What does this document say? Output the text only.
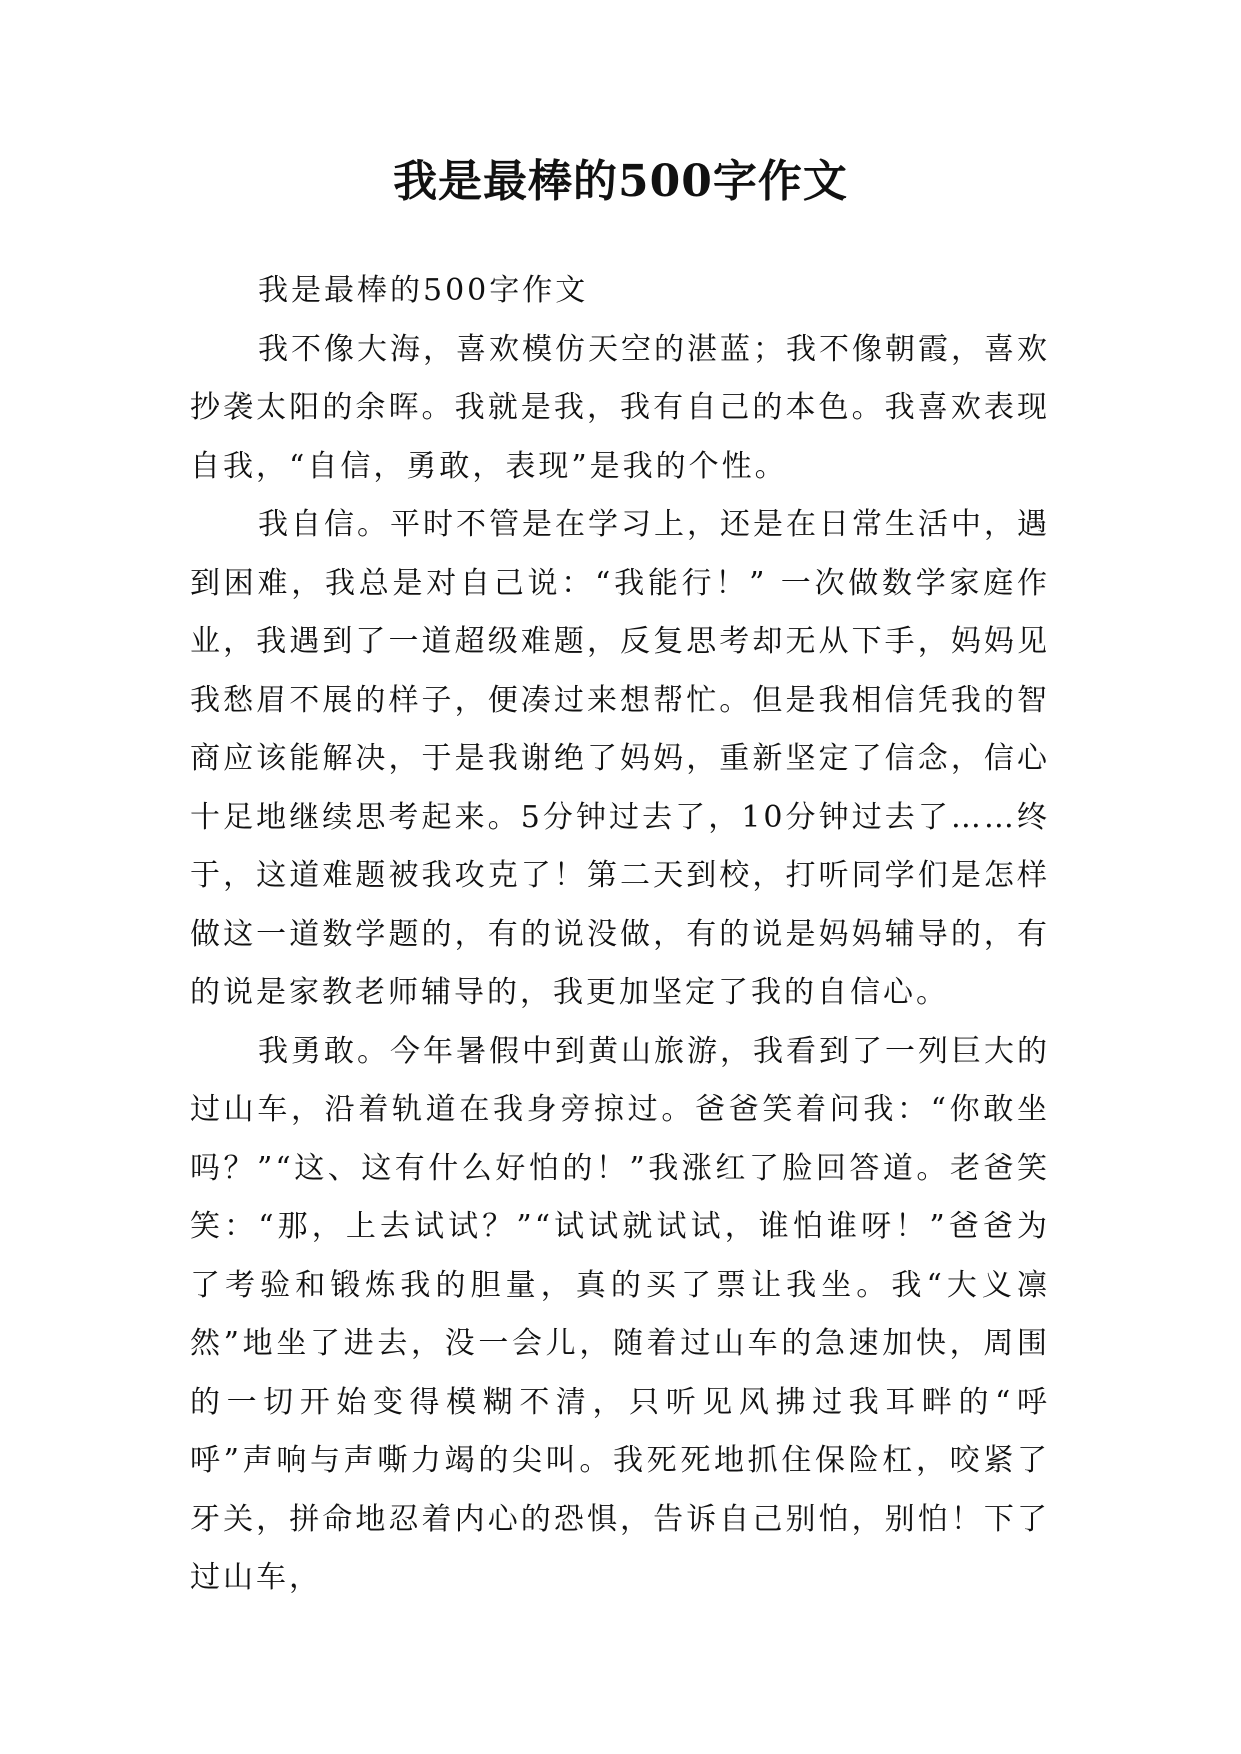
我是最棒的500字作文

我是最棒的500字作文

我不像大海，喜欢模仿天空的湛蓝；我不像朝霞，喜欢抄袭太阳的余晖。我就是我，我有自己的本色。我喜欢表现自我，“自信，勇敢，表现”是我的个性。

我自信。平时不管是在学习上，还是在日常生活中，遇到困难，我总是对自己说：“我能行！” 一次做数学家庭作业，我遇到了一道超级难题，反复思考却无从下手，妈妈见我愁眉不展的样子，便凑过来想帮忙。但是我相信凭我的智商应该能解决，于是我谢绝了妈妈，重新坚定了信念，信心十足地继续思考起来。5分钟过去了，10分钟过去了……终于，这道难题被我攻克了！第二天到校，打听同学们是怎样做这一道数学题的，有的说没做，有的说是妈妈辅导的，有的说是家教老师辅导的，我更加坚定了我的自信心。

我勇敢。今年暑假中到黄山旅游，我看到了一列巨大的过山车，沿着轨道在我身旁掠过。爸爸笑着问我：“你敢坐吗？”“这、这有什么好怕的！”我涨红了脸回答道。老爸笑笑：“那，上去试试？”“试试就试试，谁怕谁呀！”爸爸为了考验和锻炼我的胆量，真的买了票让我坐。我“大义凛然”地坐了进去，没一会儿，随着过山车的急速加快，周围的一切开始变得模糊不清，只听见风拂过我耳畔的“呼呼”声响与声嘶力竭的尖叫。我死死地抓住保险杠，咬紧了牙关，拼命地忍着内心的恐惧，告诉自己别怕，别怕！下了过山车，
